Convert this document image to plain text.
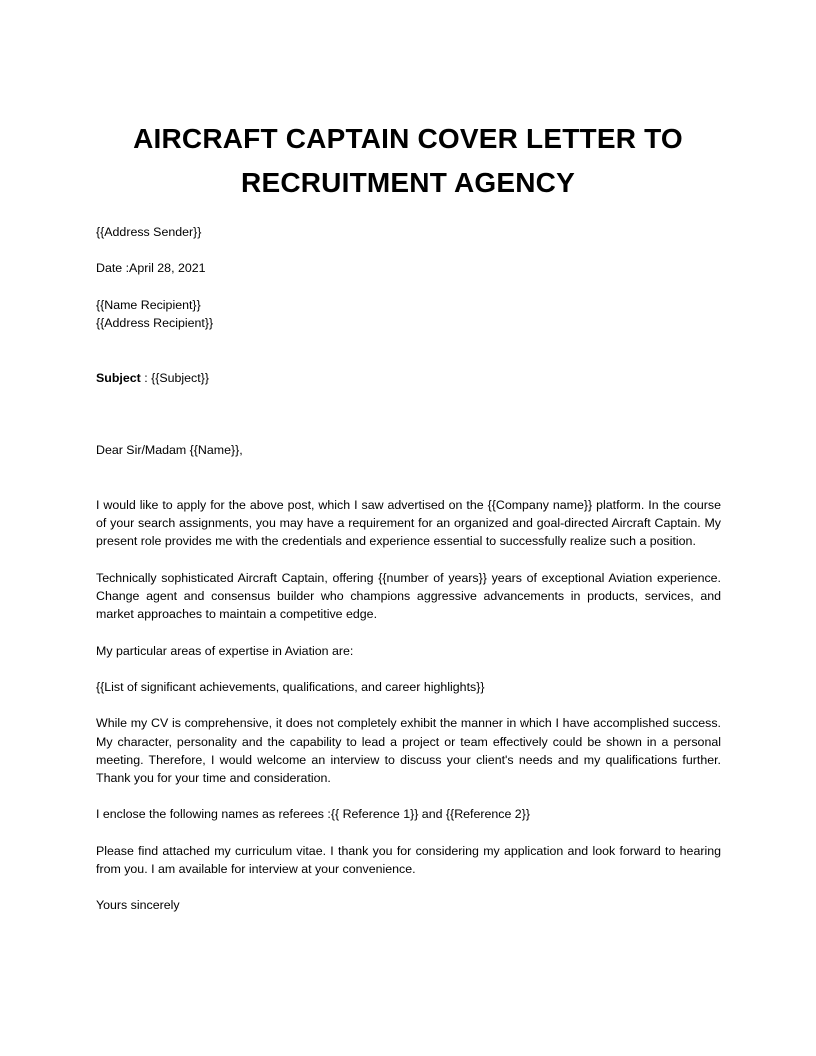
AIRCRAFT CAPTAIN COVER LETTER TO
RECRUITMENT AGENCY
{{Address Sender}}
Date :April 28, 2021
{{Name Recipient}}
{{Address Recipient}}
Subject : {{Subject}}
Dear Sir/Madam {{Name}},

I would like to apply for the above post, which I saw advertised on the {{Company name}} platform. In the course of your search assignments, you may have a requirement for an organized and goal-directed Aircraft Captain. My present role provides me with the credentials and experience essential to successfully realize such a position.

Technically sophisticated Aircraft Captain, offering {{number of years}} years of exceptional Aviation experience. Change agent and consensus builder who champions aggressive advancements in products, services, and market approaches to maintain a competitive edge.

My particular areas of expertise in Aviation are:

{{List of significant achievements, qualifications, and career highlights}}

While my CV is comprehensive, it does not completely exhibit the manner in which I have accomplished success. My character, personality and the capability to lead a project or team effectively could be shown in a personal meeting. Therefore, I would welcome an interview to discuss your client's needs and my qualifications further. Thank you for your time and consideration.

I enclose the following names as referees :{{ Reference 1}} and {{Reference 2}}

Please find attached my curriculum vitae. I thank you for considering my application and look forward to hearing from you. I am available for interview at your convenience.

Yours sincerely
